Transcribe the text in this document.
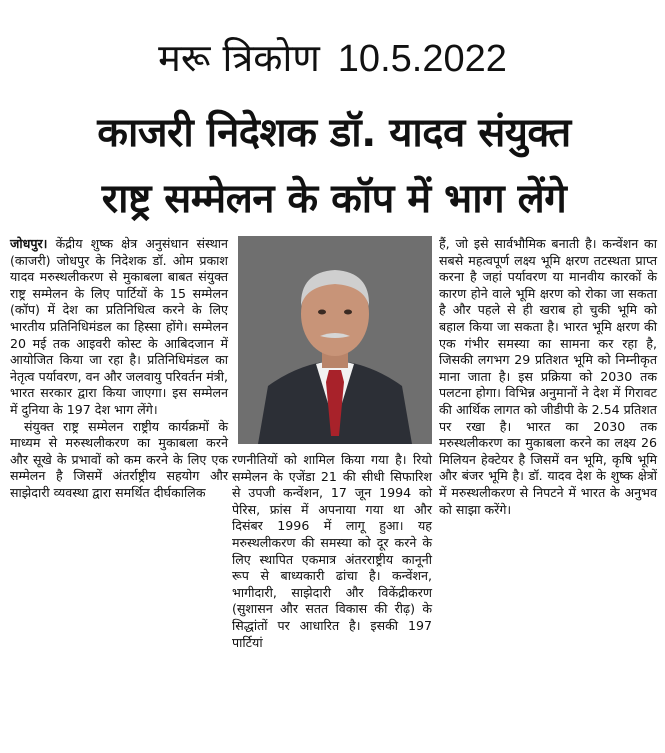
मरू त्रिकोण 10.5.2022
काजरी निदेशक डॉ. यादव संयुक्त
राष्ट्र सम्मेलन के कॉप में भाग लेंगे

जोधपुर। केंद्रीय शुष्क क्षेत्र अनुसंधान संस्थान (काजरी) जोधपुर के निदेशक डॉ. ओम प्रकाश यादव मरुस्थलीकरण से मुकाबला बाबत संयुक्त राष्ट्र सम्मेलन के लिए पार्टियों के 15 सम्मेलन (कॉप) में देश का प्रतिनिधित्व करने के लिए भारतीय प्रतिनिधिमंडल का हिस्सा होंगे। सम्मेलन 20 मई तक आइवरी कोस्ट के आबिदजान में आयोजित किया जा रहा है। प्रतिनिधिमंडल का नेतृत्व पर्यावरण, वन और जलवायु परिवर्तन मंत्री, भारत सरकार द्वारा किया जाएगा। इस सम्मेलन में दुनिया के 197 देश भाग लेंगे।

संयुक्त राष्ट्र सम्मेलन राष्ट्रीय कार्यक्रमों के माध्यम से मरुस्थलीकरण का मुकाबला करने और सूखे के प्रभावों को कम करने के लिए एक सम्मेलन है जिसमें अंतर्राष्ट्रीय सहयोग और साझेदारी व्यवस्था द्वारा समर्थित दीर्घकालिक

रणनीतियों को शामिल किया गया है। रियो सम्मेलन के एजेंडा 21 की सीधी सिफारिश से उपजी कन्वेंशन, 17 जून 1994 को पेरिस, फ्रांस में अपनाया गया था और दिसंबर 1996 में लागू हुआ। यह मरुस्थलीकरण की समस्या को दूर करने के लिए स्थापित एकमात्र अंतरराष्ट्रीय कानूनी रूप से बाध्यकारी ढांचा है। कन्वेंशन, भागीदारी, साझेदारी और विकेंद्रीकरण (सुशासन और सतत विकास की रीढ़) के सिद्धांतों पर आधारित है। इसकी 197 पार्टियां

हैं, जो इसे सार्वभौमिक बनाती है। कन्वेंशन का सबसे महत्वपूर्ण लक्ष्य भूमि क्षरण तटस्थता प्राप्त करना है जहां पर्यावरण या मानवीय कारकों के कारण होने वाले भूमि क्षरण को रोका जा सकता है और पहले से ही खराब हो चुकी भूमि को बहाल किया जा सकता है। भारत भूमि क्षरण की एक गंभीर समस्या का सामना कर रहा है, जिसकी लगभग 29 प्रतिशत भूमि को निम्नीकृत माना जाता है। इस प्रक्रिया को 2030 तक पलटना होगा। विभिन्न अनुमानों ने देश में गिरावट की आर्थिक लागत को जीडीपी के 2.54 प्रतिशत पर रखा है। भारत का 2030 तक मरुस्थलीकरण का मुकाबला करने का लक्ष्य 26 मिलियन हेक्टेयर है जिसमें वन भूमि, कृषि भूमि और बंजर भूमि है। डॉ. यादव देश के शुष्क क्षेत्रों में मरुस्थलीकरण से निपटने में भारत के अनुभव को साझा करेंगे।
